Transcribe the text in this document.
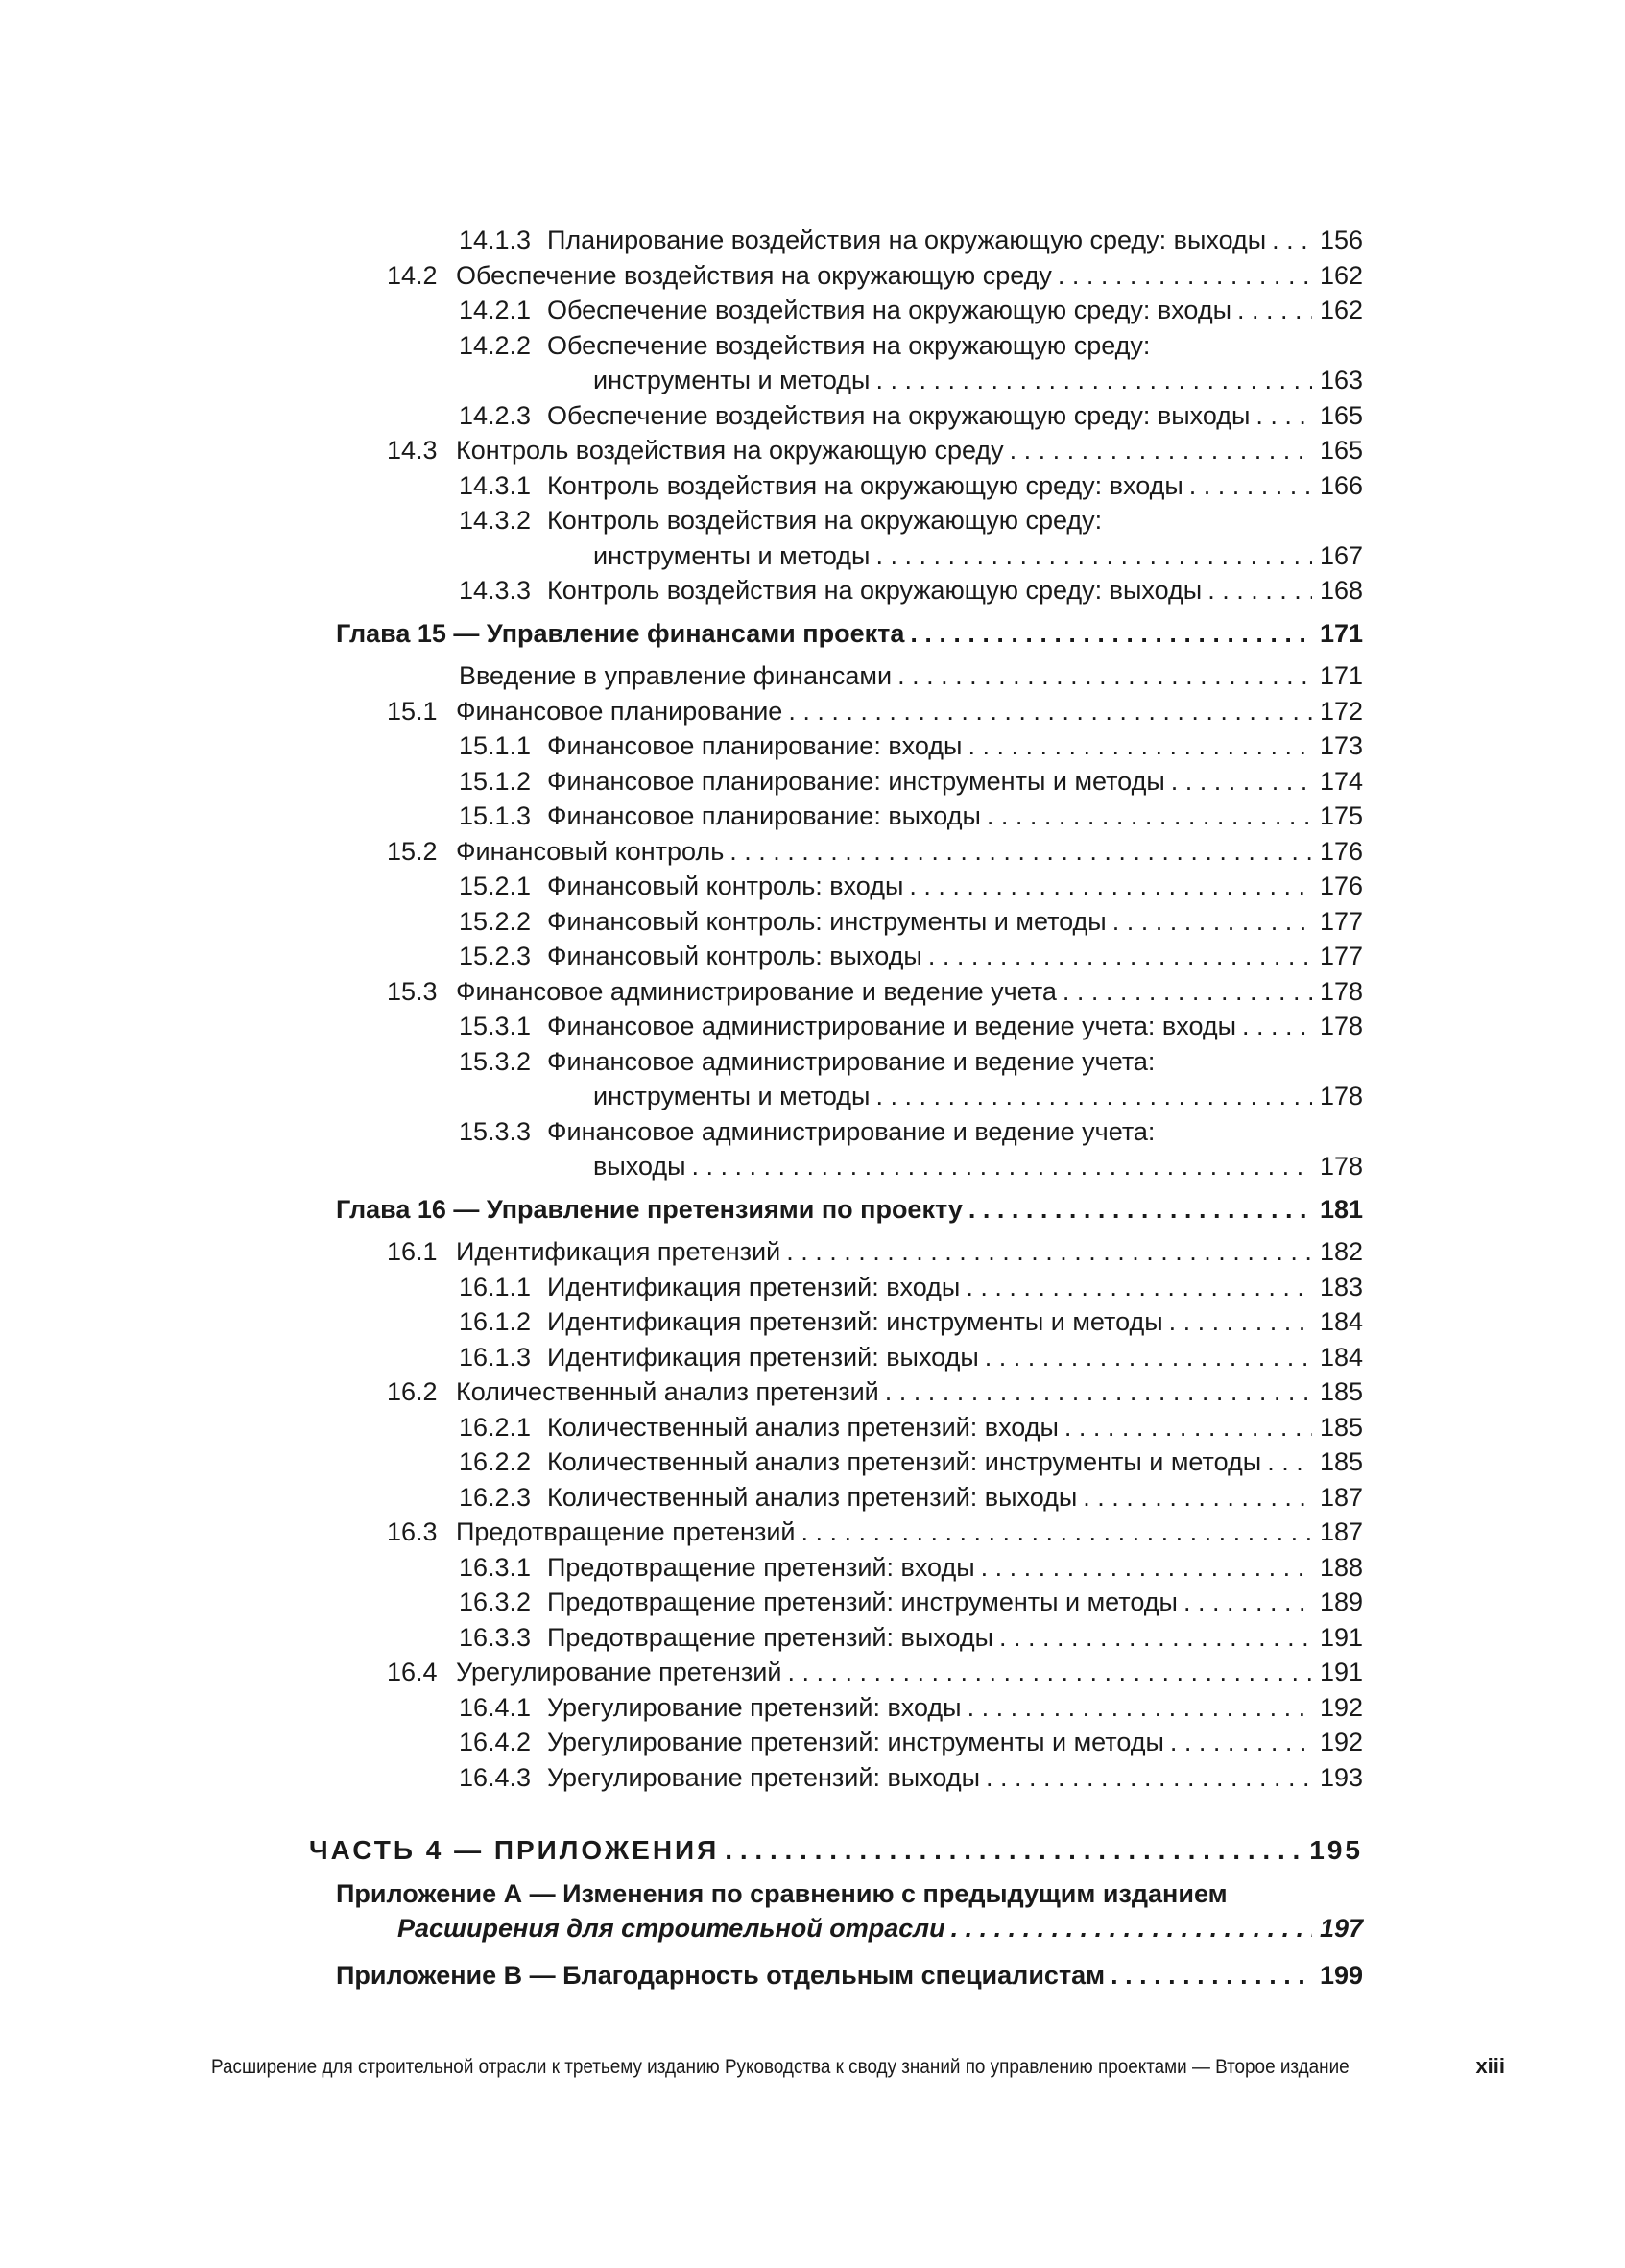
14.1.3 Планирование воздействия на окружающую среду: выходы . . . 156
14.2 Обеспечение воздействия на окружающую среду . . .	162
14.2.1 Обеспечение воздействия на окружающую среду: входы . . .	162
14.2.2 Обеспечение воздействия на окружающую среду:
инструменты и методы . . .	163
14.2.3 Обеспечение воздействия на окружающую среду: выходы . . .	165
14.3 Контроль воздействия на окружающую среду . . .	165
14.3.1 Контроль воздействия на окружающую среду: входы . . .	166
14.3.2 Контроль воздействия на окружающую среду:
инструменты и методы . . .	167
14.3.3 Контроль воздействия на окружающую среду: выходы . . .	168
Глава 15 — Управление финансами проекта . . .	171
Введение в управление финансами . . .	171
15.1 Финансовое планирование . . .	172
15.1.1 Финансовое планирование: входы . . .	173
15.1.2 Финансовое планирование: инструменты и методы . . .	174
15.1.3 Финансовое планирование: выходы . . .	175
15.2 Финансовый контроль . . .	176
15.2.1 Финансовый контроль: входы . . .	176
15.2.2 Финансовый контроль: инструменты и методы . . .	177
15.2.3 Финансовый контроль: выходы . . .	177
15.3 Финансовое администрирование и ведение учета . . .	178
15.3.1 Финансовое администрирование и ведение учета: входы . . .	178
15.3.2 Финансовое администрирование и ведение учета:
инструменты и методы . . .	178
15.3.3 Финансовое администрирование и ведение учета:
выходы . . .	178
Глава 16 — Управление претензиями по проекту . . .	181
16.1 Идентификация претензий . . .	182
16.1.1 Идентификация претензий: входы . . .	183
16.1.2 Идентификация претензий: инструменты и методы . . .	184
16.1.3 Идентификация претензий: выходы . . .	184
16.2 Количественный анализ претензий . . .	185
16.2.1 Количественный анализ претензий: входы . . .	185
16.2.2 Количественный анализ претензий: инструменты и методы . . . 185
16.2.3 Количественный анализ претензий: выходы . . .	187
16.3 Предотвращение претензий . . .	187
16.3.1 Предотвращение претензий: входы . . .	188
16.3.2 Предотвращение претензий: инструменты и методы . . .	189
16.3.3 Предотвращение претензий: выходы . . .	191
16.4 Урегулирование претензий . . .	191
16.4.1 Урегулирование претензий: входы . . .	192
16.4.2 Урегулирование претензий: инструменты и методы . . .	192
16.4.3 Урегулирование претензий: выходы . . .	193
ЧАСТЬ 4 — ПРИЛОЖЕНИЯ . . .	195
Приложение А — Изменения по сравнению с предыдущим изданием
Расширения для строительной отрасли . . .	197
Приложение В — Благодарность отдельным специалистам . . .	199
Расширение для строительной отрасли к третьему изданию Руководства к своду знаний по управлению проектами — Второе издание	xiii
